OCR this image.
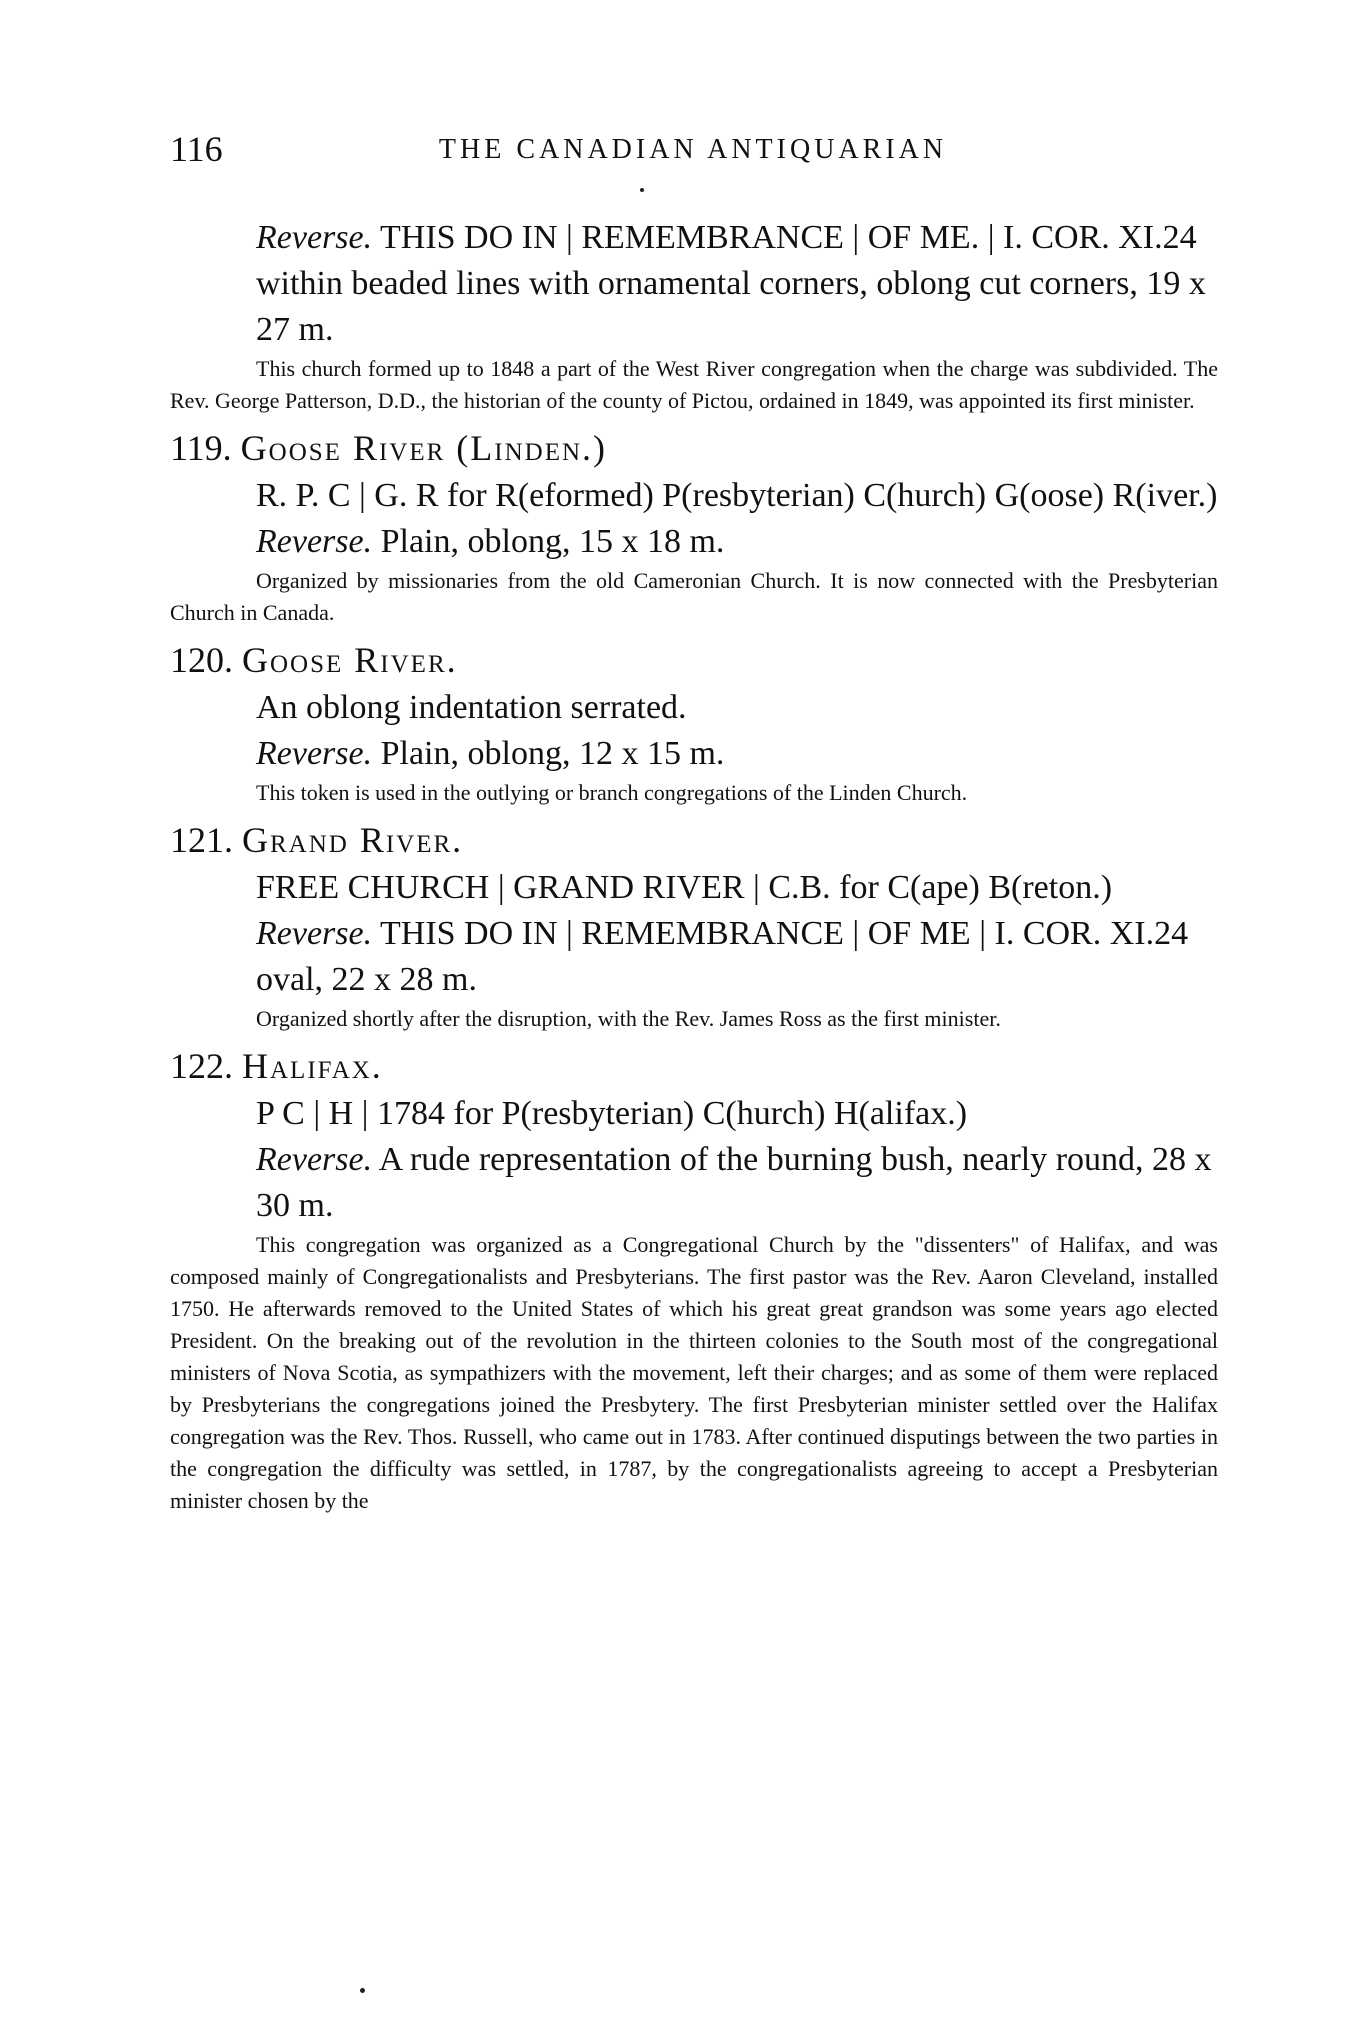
116	THE CANADIAN ANTIQUARIAN
Reverse. THIS DO IN | REMEMBRANCE | OF ME. | I. COR. XI.24 within beaded lines with ornamental corners, oblong cut corners, 19 x 27 m.
This church formed up to 1848 a part of the West River congregation when the charge was subdivided. The Rev. George Patterson, D.D., the historian of the county of Pictou, ordained in 1849, was appointed its first minister.
119. Goose River (Linden.)
R. P. C | G. R for R(eformed) P(resbyterian) C(hurch) G(oose) R(iver.)
Reverse. Plain, oblong, 15 x 18 m.
Organized by missionaries from the old Cameronian Church. It is now connected with the Presbyterian Church in Canada.
120. Goose River.
An oblong indentation serrated.
Reverse. Plain, oblong, 12 x 15 m.
This token is used in the outlying or branch congregations of the Linden Church.
121. Grand River.
FREE CHURCH | GRAND RIVER | C.B. for C(ape) B(reton.)
Reverse. THIS DO IN | REMEMBRANCE | OF ME | I. COR. XI.24 oval, 22 x 28 m.
Organized shortly after the disruption, with the Rev. James Ross as the first minister.
122. Halifax.
P C | H | 1784 for P(resbyterian) C(hurch) H(alifax.)
Reverse. A rude representation of the burning bush, nearly round, 28 x 30 m.
This congregation was organized as a Congregational Church by the "dissenters" of Halifax, and was composed mainly of Congregationalists and Presbyterians. The first pastor was the Rev. Aaron Cleveland, installed 1750. He afterwards removed to the United States of which his great great grandson was some years ago elected President. On the breaking out of the revolution in the thirteen colonies to the South most of the congregational ministers of Nova Scotia, as sympathizers with the movement, left their charges; and as some of them were replaced by Presbyterians the congregations joined the Presbytery. The first Presbyterian minister settled over the Halifax congregation was the Rev. Thos. Russell, who came out in 1783. After continued disputings between the two parties in the congregation the difficulty was settled, in 1787, by the congregationalists agreeing to accept a Presbyterian minister chosen by the
